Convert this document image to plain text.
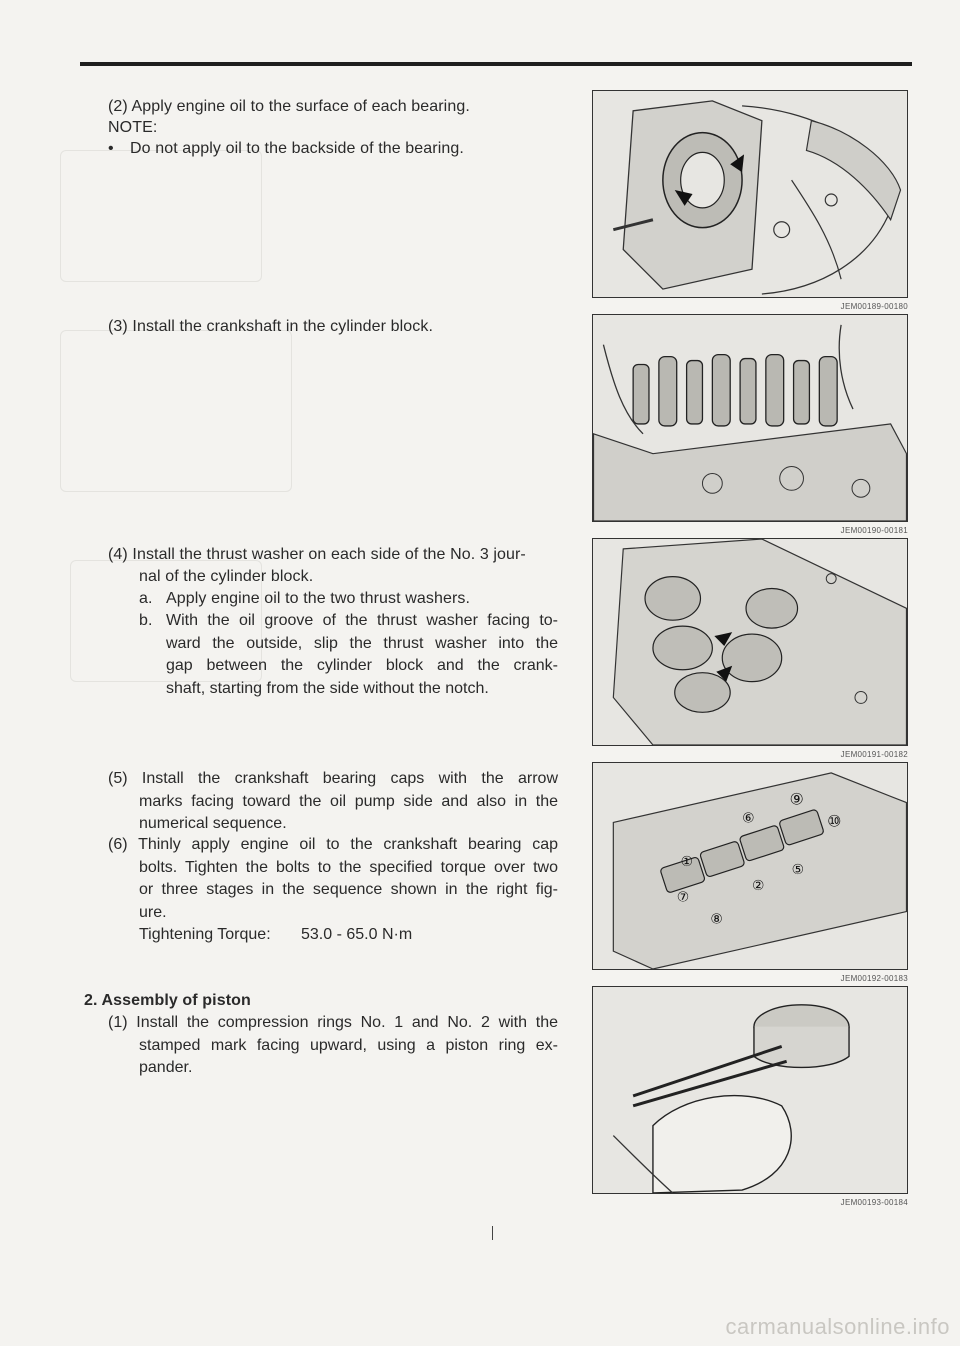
(2) Apply engine oil to the surface of each bearing.
NOTE:
• Do not apply oil to the backside of the bearing.
(3) Install the crankshaft in the cylinder block.
(4) Install the thrust washer on each side of the No. 3 jour-
nal of the cylinder block.
a. Apply engine oil to the two thrust washers.
b. With the oil groove of the thrust washer facing to-
ward the outside, slip the thrust washer into the
gap between the cylinder block and the crank-
shaft, starting from the side without the notch.
(5) Install the crankshaft bearing caps with the arrow
marks facing toward the oil pump side and also in the
numerical sequence.
(6) Thinly apply engine oil to the crankshaft bearing cap
bolts. Tighten the bolts to the specified torque over two
or three stages in the sequence shown in the right fig-
ure.
Tightening Torque: 53.0 - 65.0 N·m
2. Assembly of piston
(1) Install the compression rings No. 1 and No. 2 with the
stamped mark facing upward, using a piston ring ex-
pander.
JEM00189-00180
JEM00190-00181
JEM00191-00182
⑨
⑩
⑥
⑤
②
①
⑦
⑧
JEM00192-00183
JEM00193-00184
carmanualsonline.info
